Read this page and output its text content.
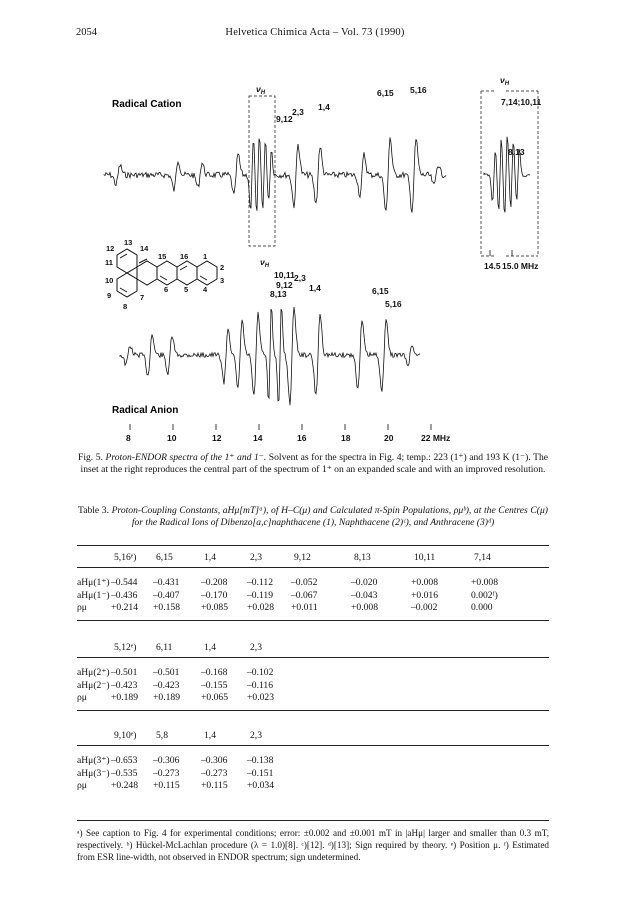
2054	Helvetica Chimica Acta – Vol. 73 (1990)
Radical Cation
Radical Anion
$\nu_H$
9,12
2,3 1,4
6,15 5,16
$\nu_H$
7,14;10,11
8,13
14.5 15.0 MHz
$\nu_H$
10,11 2,3
9,12
8,13
1,4	6,15
5,16
8	10	12	14	16	18	20	22 MHz
13
12	14
11
15 16 1
2
3
10
6 5 4
9	7
8
Fig. 5. Proton-ENDOR spectra of the 1⁺ and 1⁻. Solvent as for the spectra in Fig. 4; temp.: 223 (1⁺) and 193 K (1⁻). The inset at the right reproduces the central part of the spectrum of 1⁺ on an expanded scale and with an improved resolution.
Table 3. Proton-Coupling Constants, aHμ[mT]ᵃ), of H–C(μ) and Calculated π-Spin Populations, ρμᵇ), at the Centres C(μ) for the Radical Ions of Dibenzo[a,c]naphthacene (1), Naphthacene (2)ᶜ), and Anthracene (3)ᵈ)
5,16ᵉ) 6,15	1,4	2,3	9,12	8,13	10,11	7,14
aHμ(1⁺) –0.544 –0.431 –0.208 –0.112 –0.052	–0.020	+0.008	+0.008
aHμ(1⁻) –0.436 –0.407 –0.170 –0.119 –0.067	–0.043	+0.016	0.002ᶠ)
ρμ	+0.214 +0.158 +0.085 +0.028 +0.011	+0.008	–0.002	0.000
5,12ᵉ) 6,11	1,4	2,3
aHμ(2⁺) –0.501 –0.501 –0.168 –0.102
aHμ(2⁻) –0.423 –0.423 –0.155 –0.116
ρμ	+0.189 +0.189 +0.065 +0.023
9,10ᵉ) 5,8	1,4	2,3
aHμ(3⁺) –0.653 –0.306 –0.306 –0.138
aHμ(3⁻) –0.535 –0.273 –0.273 –0.151
ρμ	+0.248 +0.115 +0.115 +0.034
ᵃ) See caption to Fig. 4 for experimental conditions; error: ±0.002 and ±0.001 mT in |aHμ| larger and smaller than 0.3 mT, respectively. ᵇ) Hückel-McLachlan procedure (λ = 1.0)[8]. ᶜ)[12]. ᵈ)[13]; Sign required by theory. ᵉ) Position μ. ᶠ) Estimated from ESR line-width, not observed in ENDOR spectrum; sign undetermined.
